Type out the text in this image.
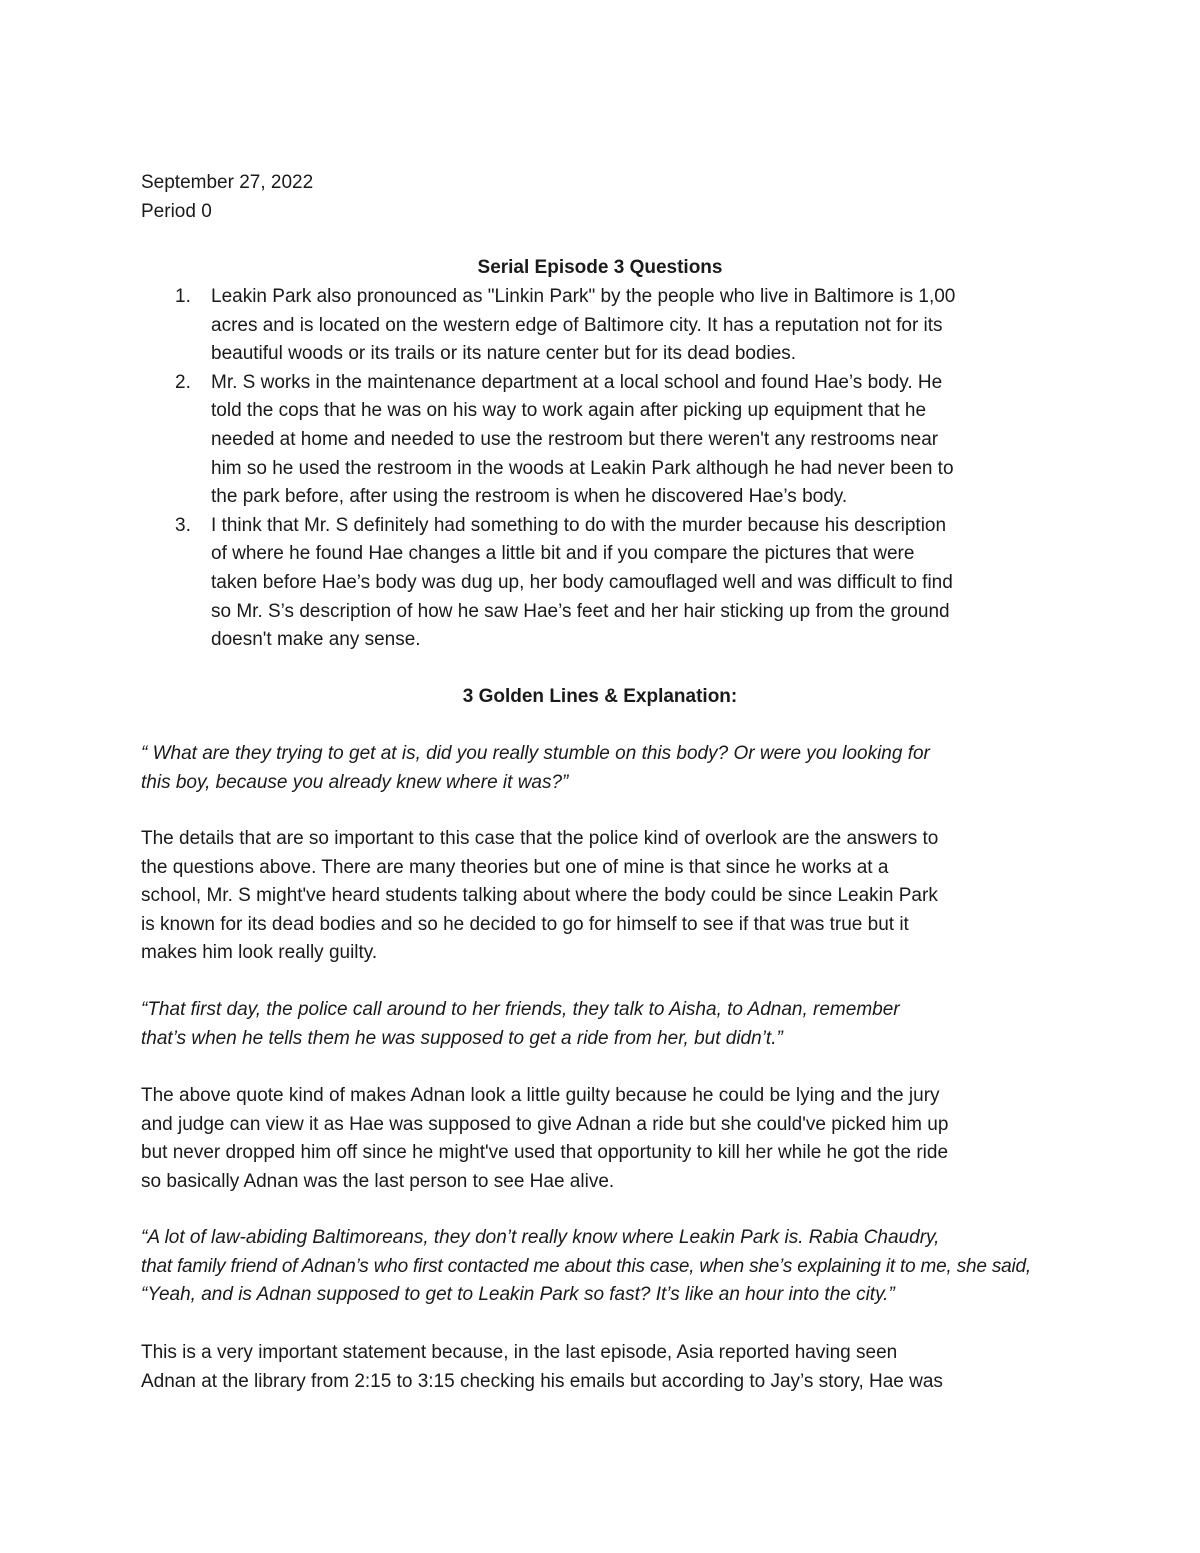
September 27, 2022
Period 0
Serial Episode 3 Questions
1. Leakin Park also pronounced as "Linkin Park" by the people who live in Baltimore is 1,00
acres and is located on the western edge of Baltimore city. It has a reputation not for its
beautiful woods or its trails or its nature center but for its dead bodies.
2. Mr. S works in the maintenance department at a local school and found Hae’s body. He
told the cops that he was on his way to work again after picking up equipment that he
needed at home and needed to use the restroom but there weren't any restrooms near
him so he used the restroom in the woods at Leakin Park although he had never been to
the park before, after using the restroom is when he discovered Hae’s body.
3. I think that Mr. S definitely had something to do with the murder because his description
of where he found Hae changes a little bit and if you compare the pictures that were
taken before Hae’s body was dug up, her body camouflaged well and was difficult to find
so Mr. S’s description of how he saw Hae’s feet and her hair sticking up from the ground
doesn't make any sense.
3 Golden Lines & Explanation:
“ What are they trying to get at is, did you really stumble on this body? Or were you looking for
this boy, because you already knew where it was?”
The details that are so important to this case that the police kind of overlook are the answers to
the questions above. There are many theories but one of mine is that since he works at a
school, Mr. S might've heard students talking about where the body could be since Leakin Park
is known for its dead bodies and so he decided to go for himself to see if that was true but it
makes him look really guilty.
“That first day, the police call around to her friends, they talk to Aisha, to Adnan, remember
that’s when he tells them he was supposed to get a ride from her, but didn’t.”
The above quote kind of makes Adnan look a little guilty because he could be lying and the jury
and judge can view it as Hae was supposed to give Adnan a ride but she could've picked him up
but never dropped him off since he might've used that opportunity to kill her while he got the ride
so basically Adnan was the last person to see Hae alive.
“A lot of law-abiding Baltimoreans, they don’t really know where Leakin Park is. Rabia Chaudry,
that family friend of Adnan’s who first contacted me about this case, when she’s explaining it to me, she said,
“Yeah, and is Adnan supposed to get to Leakin Park so fast? It’s like an hour into the city.”
This is a very important statement because, in the last episode, Asia reported having seen
Adnan at the library from 2:15 to 3:15 checking his emails but according to Jay’s story, Hae was
